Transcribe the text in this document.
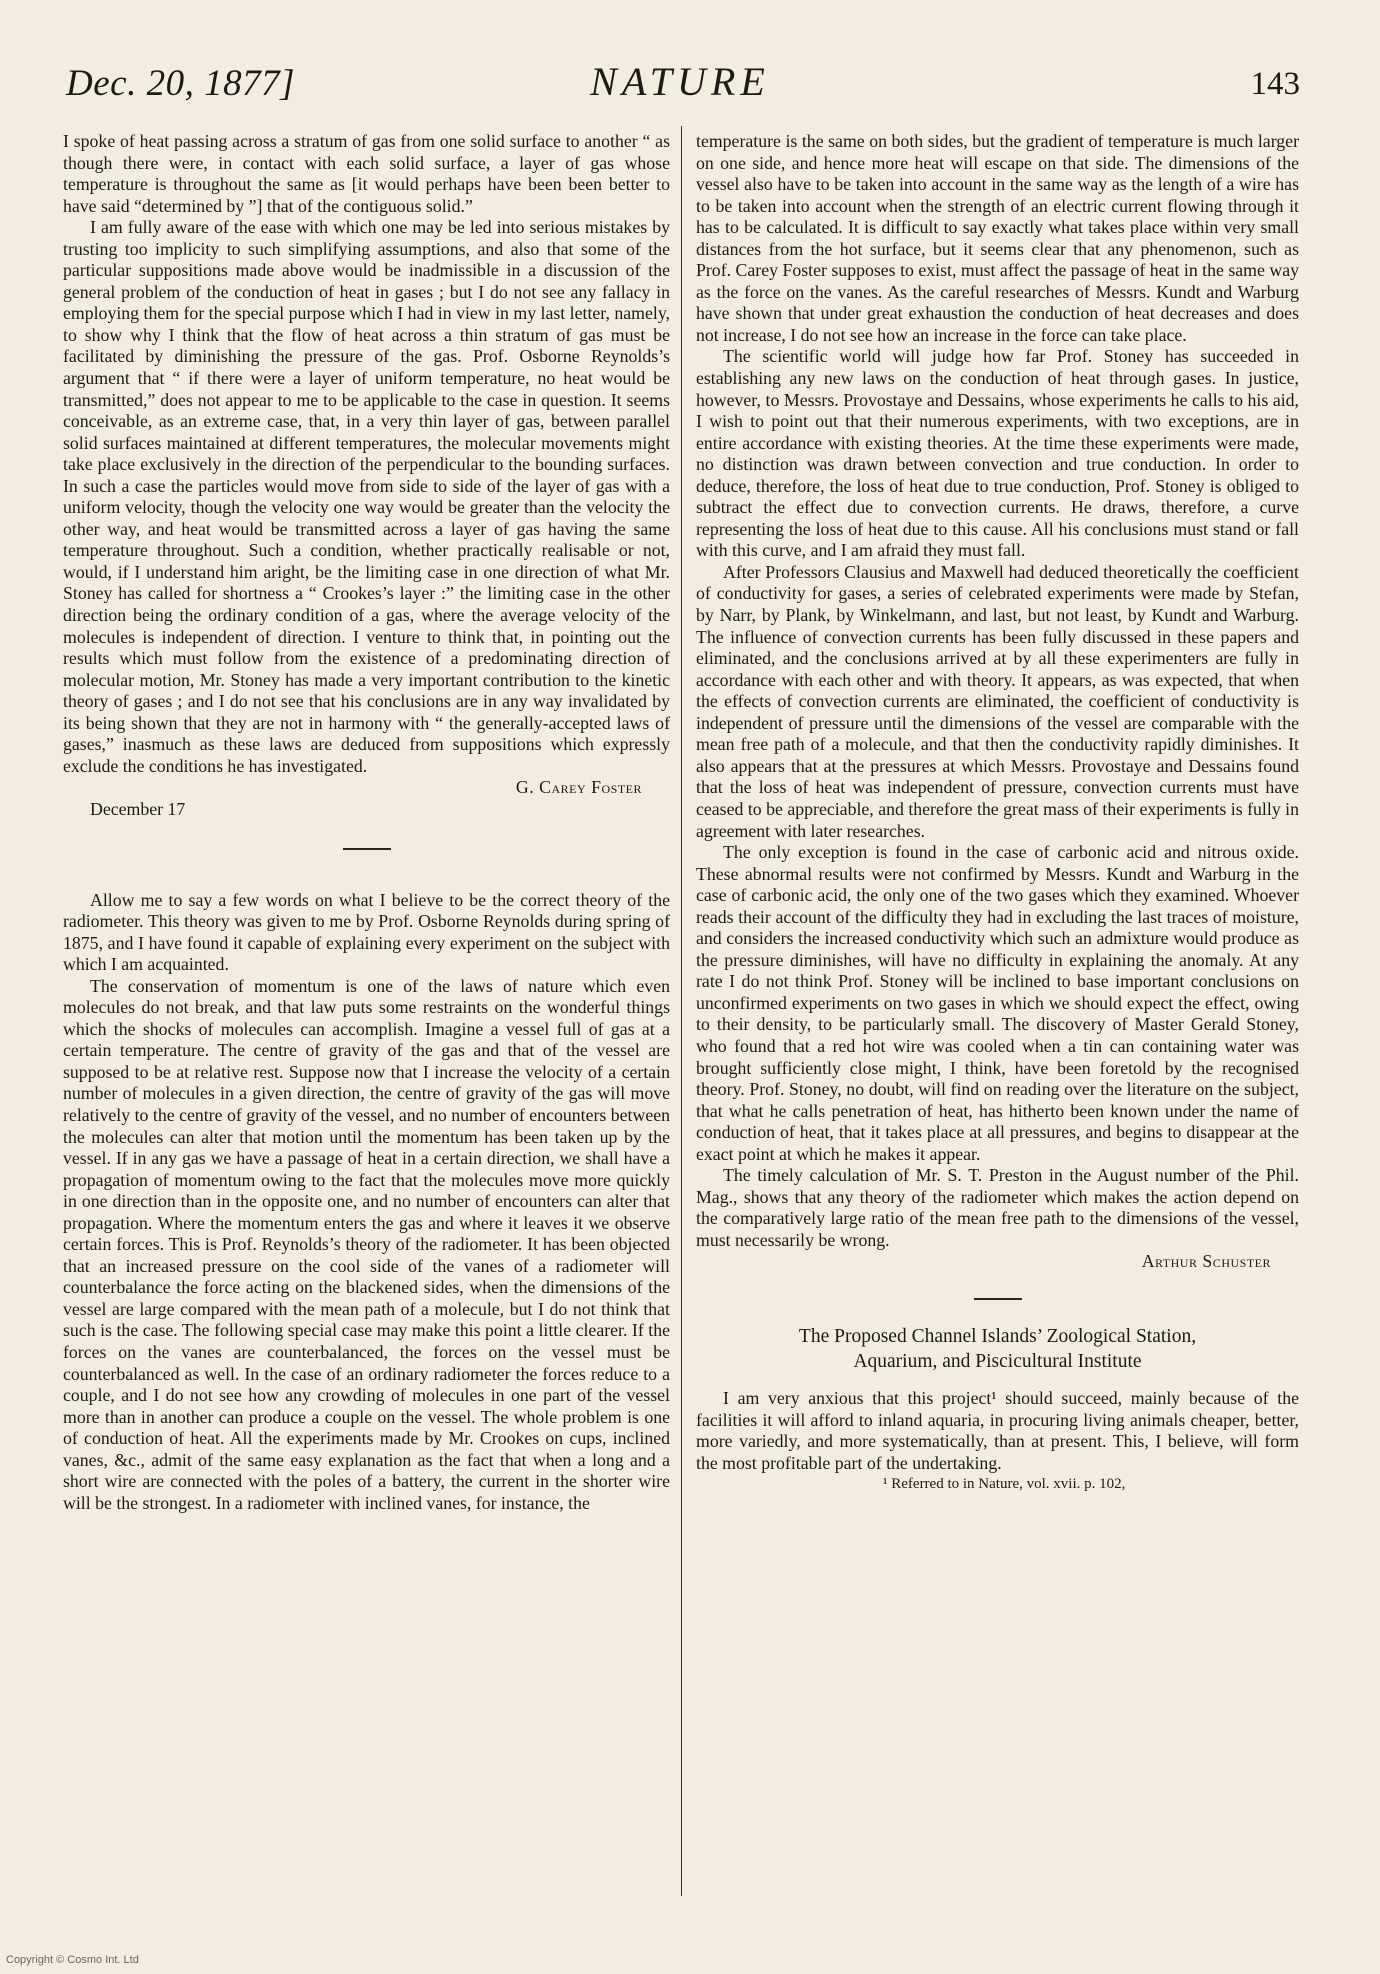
Dec. 20, 1877]	NATURE	143

I spoke of heat passing across a stratum of gas from one solid surface to another “ as though there were, in contact with each solid surface, a layer of gas whose temperature is throughout the same as [it would perhaps have been been better to have said “determined by ”] that of the contiguous solid.”

I am fully aware of the ease with which one may be led into serious mistakes by trusting too implicity to such simplifying assumptions, and also that some of the particular suppositions made above would be inadmissible in a discussion of the general problem of the conduction of heat in gases ; but I do not see any fallacy in employing them for the special purpose which I had in view in my last letter, namely, to show why I think that the flow of heat across a thin stratum of gas must be facilitated by diminishing the pressure of the gas. Prof. Osborne Reynolds’s argument that “ if there were a layer of uniform temperature, no heat would be transmitted,” does not appear to me to be applicable to the case in question. It seems conceivable, as an extreme case, that, in a very thin layer of gas, between parallel solid surfaces maintained at different temperatures, the molecular movements might take place exclusively in the direction of the perpendicular to the bounding surfaces. In such a case the particles would move from side to side of the layer of gas with a uniform velocity, though the velocity one way would be greater than the velocity the other way, and heat would be transmitted across a layer of gas having the same temperature throughout. Such a condition, whether practically realisable or not, would, if I understand him aright, be the limiting case in one direction of what Mr. Stoney has called for shortness a “ Crookes’s layer :” the limiting case in the other direction being the ordinary condition of a gas, where the average velocity of the molecules is independent of direction. I venture to think that, in pointing out the results which must follow from the existence of a predominating direction of molecular motion, Mr. Stoney has made a very important contribution to the kinetic theory of gases ; and I do not see that his conclusions are in any way invalidated by its being shown that they are not in harmony with “ the generally-accepted laws of gases,” inasmuch as these laws are deduced from suppositions which expressly exclude the conditions he has investigated.

G. Carey Foster
December 17

Allow me to say a few words on what I believe to be the correct theory of the radiometer. This theory was given to me by Prof. Osborne Reynolds during spring of 1875, and I have found it capable of explaining every experiment on the subject with which I am acquainted.

The conservation of momentum is one of the laws of nature which even molecules do not break, and that law puts some restraints on the wonderful things which the shocks of molecules can accomplish. Imagine a vessel full of gas at a certain temperature. The centre of gravity of the gas and that of the vessel are supposed to be at relative rest. Suppose now that I increase the velocity of a certain number of molecules in a given direction, the centre of gravity of the gas will move relatively to the centre of gravity of the vessel, and no number of encounters between the molecules can alter that motion until the momentum has been taken up by the vessel. If in any gas we have a passage of heat in a certain direction, we shall have a propagation of momentum owing to the fact that the molecules move more quickly in one direction than in the opposite one, and no number of encounters can alter that propagation. Where the momentum enters the gas and where it leaves it we observe certain forces. This is Prof. Reynolds’s theory of the radiometer. It has been objected that an increased pressure on the cool side of the vanes of a radiometer will counterbalance the force acting on the blackened sides, when the dimensions of the vessel are large compared with the mean path of a molecule, but I do not think that such is the case. The following special case may make this point a little clearer. If the forces on the vanes are counterbalanced, the forces on the vessel must be counterbalanced as well. In the case of an ordinary radiometer the forces reduce to a couple, and I do not see how any crowding of molecules in one part of the vessel more than in another can produce a couple on the vessel. The whole problem is one of conduction of heat. All the experiments made by Mr. Crookes on cups, inclined vanes, &c., admit of the same easy explanation as the fact that when a long and a short wire are connected with the poles of a battery, the current in the shorter wire will be the strongest. In a radiometer with inclined vanes, for instance, the

temperature is the same on both sides, but the gradient of temperature is much larger on one side, and hence more heat will escape on that side. The dimensions of the vessel also have to be taken into account in the same way as the length of a wire has to be taken into account when the strength of an electric current flowing through it has to be calculated. It is difficult to say exactly what takes place within very small distances from the hot surface, but it seems clear that any phenomenon, such as Prof. Carey Foster supposes to exist, must affect the passage of heat in the same way as the force on the vanes. As the careful researches of Messrs. Kundt and Warburg have shown that under great exhaustion the conduction of heat decreases and does not increase, I do not see how an increase in the force can take place.

The scientific world will judge how far Prof. Stoney has succeeded in establishing any new laws on the conduction of heat through gases. In justice, however, to Messrs. Provostaye and Dessains, whose experiments he calls to his aid, I wish to point out that their numerous experiments, with two exceptions, are in entire accordance with existing theories. At the time these experiments were made, no distinction was drawn between convection and true conduction. In order to deduce, therefore, the loss of heat due to true conduction, Prof. Stoney is obliged to subtract the effect due to convection currents. He draws, therefore, a curve representing the loss of heat due to this cause. All his conclusions must stand or fall with this curve, and I am afraid they must fall.

After Professors Clausius and Maxwell had deduced theoretically the coefficient of conductivity for gases, a series of celebrated experiments were made by Stefan, by Narr, by Plank, by Winkelmann, and last, but not least, by Kundt and Warburg. The influence of convection currents has been fully discussed in these papers and eliminated, and the conclusions arrived at by all these experimenters are fully in accordance with each other and with theory. It appears, as was expected, that when the effects of convection currents are eliminated, the coefficient of conductivity is independent of pressure until the dimensions of the vessel are comparable with the mean free path of a molecule, and that then the conductivity rapidly diminishes. It also appears that at the pressures at which Messrs. Provostaye and Dessains found that the loss of heat was independent of pressure, convection currents must have ceased to be appreciable, and therefore the great mass of their experiments is fully in agreement with later researches.

The only exception is found in the case of carbonic acid and nitrous oxide. These abnormal results were not confirmed by Messrs. Kundt and Warburg in the case of carbonic acid, the only one of the two gases which they examined. Whoever reads their account of the difficulty they had in excluding the last traces of moisture, and considers the increased conductivity which such an admixture would produce as the pressure diminishes, will have no difficulty in explaining the anomaly. At any rate I do not think Prof. Stoney will be inclined to base important conclusions on unconfirmed experiments on two gases in which we should expect the effect, owing to their density, to be particularly small. The discovery of Master Gerald Stoney, who found that a red hot wire was cooled when a tin can containing water was brought sufficiently close might, I think, have been foretold by the recognised theory. Prof. Stoney, no doubt, will find on reading over the literature on the subject, that what he calls penetration of heat, has hitherto been known under the name of conduction of heat, that it takes place at all pressures, and begins to disappear at the exact point at which he makes it appear.

The timely calculation of Mr. S. T. Preston in the August number of the Phil. Mag., shows that any theory of the radiometer which makes the action depend on the comparatively large ratio of the mean free path to the dimensions of the vessel, must necessarily be wrong.

Arthur Schuster
The Proposed Channel Islands’ Zoological Station,
Aquarium, and Piscicultural Institute

I am very anxious that this project¹ should succeed, mainly because of the facilities it will afford to inland aquaria, in procuring living animals cheaper, better, more variedly, and more systematically, than at present. This, I believe, will form the most profitable part of the undertaking.

¹ Referred to in Nature, vol. xvii. p. 102,

Copyright © Cosmo Int. Ltd
